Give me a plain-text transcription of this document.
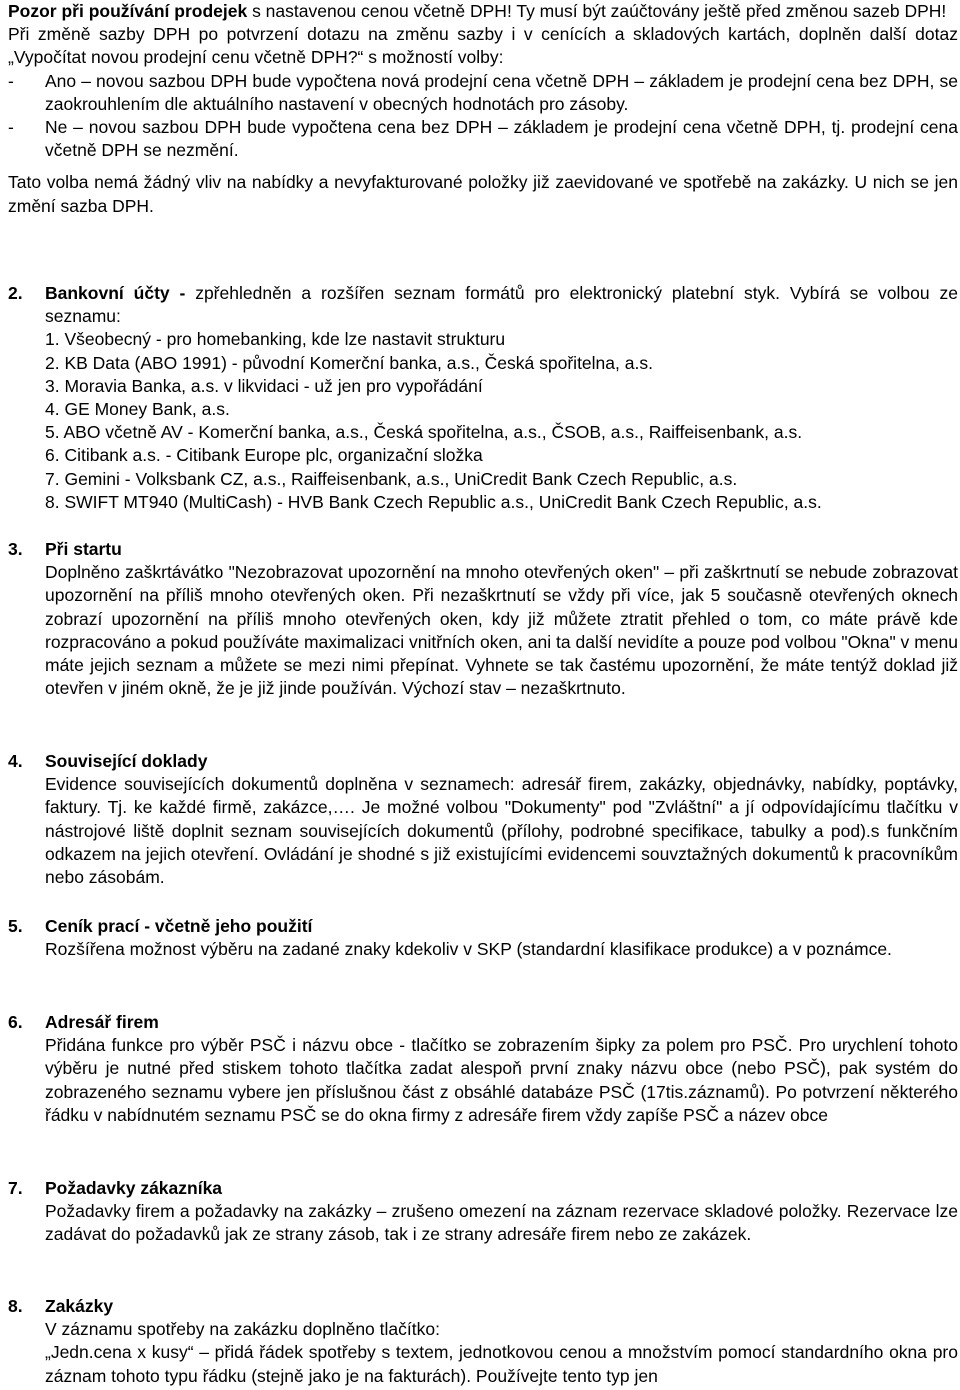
Pozor při používání prodejek s nastavenou cenou včetně DPH! Ty musí být zaúčtovány ještě před změnou sazeb DPH!

Při změně sazby DPH po potvrzení dotazu na změnu sazby i v cenících a skladových kartách, doplněn další dotaz „Vypočítat novou prodejní cenu včetně DPH?“ s možností volby:

- Ano – novou sazbou DPH bude vypočtena nová prodejní cena včetně DPH – základem je prodejní cena bez DPH, se zaokrouhlením dle aktuálního nastavení v obecných hodnotách pro zásoby.
- Ne – novou sazbou DPH bude vypočtena cena bez DPH – základem je prodejní cena včetně DPH, tj. prodejní cena včetně DPH se nezmění.

Tato volba nemá žádný vliv na nabídky a nevyfakturované položky již zaevidované ve spotřebě na zakázky. U nich se jen změní sazba DPH.

2. Bankovní účty - zpřehledněn a rozšířen seznam formátů pro elektronický platební styk. Vybírá se volbou ze seznamu:

1. Všeobecný - pro homebanking, kde lze nastavit strukturu
2. KB Data (ABO 1991) - původní Komerční banka, a.s., Česká spořitelna, a.s.
3. Moravia Banka, a.s. v likvidaci - už jen pro vypořádání
4. GE Money Bank, a.s.
5. ABO včetně AV - Komerční banka, a.s., Česká spořitelna, a.s., ČSOB, a.s., Raiffeisenbank, a.s.
6. Citibank a.s. - Citibank Europe plc, organizační složka
7. Gemini - Volksbank CZ, a.s., Raiffeisenbank, a.s., UniCredit Bank Czech Republic, a.s.
8. SWIFT MT940 (MultiCash) - HVB Bank Czech Republic a.s., UniCredit Bank Czech Republic, a.s.
3. Při startu

Doplněno zaškrtávátko "Nezobrazovat upozornění na mnoho otevřených oken" – při zaškrtnutí se nebude zobrazovat upozornění na příliš mnoho otevřených oken. Při nezaškrtnutí se vždy při více, jak 5 současně otevřených oknech zobrazí upozornění na příliš mnoho otevřených oken, kdy již můžete ztratit přehled o tom, co máte právě kde rozpracováno a pokud používáte maximalizaci vnitřních oken, ani ta další nevidíte a pouze pod volbou "Okna" v menu máte jejich seznam a můžete se mezi nimi přepínat. Vyhnete se tak častému upozornění, že máte tentýž doklad již otevřen v jiném okně, že je již jinde používán. Výchozí stav – nezaškrtnuto.

4. Související doklady

Evidence souvisejících dokumentů doplněna v seznamech: adresář firem, zakázky, objednávky, nabídky, poptávky, faktury. Tj. ke každé firmě, zakázce,…. Je možné volbou "Dokumenty" pod "Zvláštní" a jí odpovídajícímu tlačítku v nástrojové liště doplnit seznam souvisejících dokumentů (přílohy, podrobné specifikace, tabulky a pod).s funkčním odkazem na jejich otevření. Ovládání je shodné s již existujícími evidencemi souvztažných dokumentů k pracovníkům nebo zásobám.

5. Ceník prací - včetně jeho použití

Rozšířena možnost výběru na zadané znaky kdekoliv v SKP (standardní klasifikace produkce) a v poznámce.

6. Adresář firem

Přidána funkce pro výběr PSČ i názvu obce - tlačítko se zobrazením šipky za polem pro PSČ. Pro urychlení tohoto výběru je nutné před stiskem tohoto tlačítka zadat alespoň první znaky názvu obce (nebo PSČ), pak systém do zobrazeného seznamu vybere jen příslušnou část z obsáhlé databáze PSČ (17tis.záznamů). Po potvrzení některého řádku v nabídnutém seznamu PSČ se do okna firmy z adresáře firem vždy zapíše PSČ a název obce

7. Požadavky zákazníka

Požadavky firem a požadavky na zakázky – zrušeno omezení na záznam rezervace skladové položky. Rezervace lze zadávat do požadavků jak ze strany zásob, tak i ze strany adresáře firem nebo ze zakázek.

8. Zakázky

V záznamu spotřeby na zakázku doplněno tlačítko:

„Jedn.cena x kusy“ – přidá řádek spotřeby s textem, jednotkovou cenou a množstvím pomocí standardního okna pro záznam tohoto typu řádku (stejně jako je na fakturách). Používejte tento typ jen
